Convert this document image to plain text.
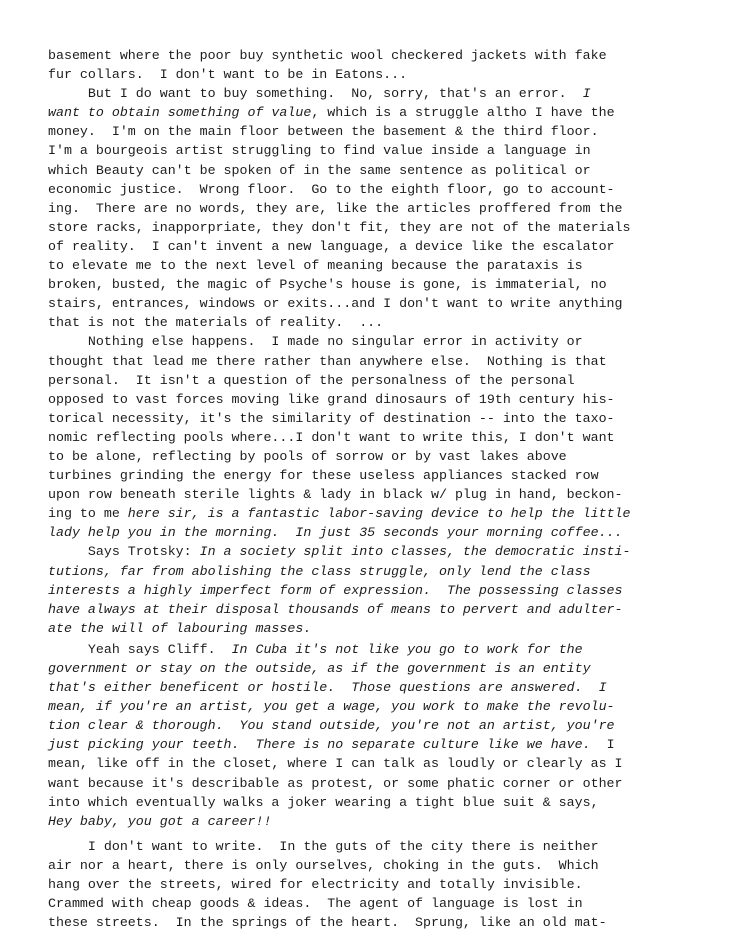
basement where the poor buy synthetic wool checkered jackets with fake
fur collars.  I don't want to be in Eatons...
But I do want to buy something.  No, sorry, that's an error.  I
want to obtain something of value, which is a struggle altho I have the
money.  I'm on the main floor between the basement & the third floor.
I'm a bourgeois artist struggling to find value inside a language in
which Beauty can't be spoken of in the same sentence as political or
economic justice.  Wrong floor.  Go to the eighth floor, go to account-
ing.  There are no words, they are, like the articles proffered from the
store racks, inapporpriate, they don't fit, they are not of the materials
of reality.  I can't invent a new language, a device like the escalator
to elevate me to the next level of meaning because the parataxis is
broken, busted, the magic of Psyche's house is gone, is immaterial, no
stairs, entrances, windows or exits...and I don't want to write anything
that is not the materials of reality.  ...
Nothing else happens.  I made no singular error in activity or
thought that lead me there rather than anywhere else.  Nothing is that
personal.  It isn't a question of the personalness of the personal
opposed to vast forces moving like grand dinosaurs of 19th century his-
torical necessity, it's the similarity of destination -- into the taxo-
nomic reflecting pools where...I don't want to write this, I don't want
to be alone, reflecting by pools of sorrow or by vast lakes above
turbines grinding the energy for these useless appliances stacked row
upon row beneath sterile lights & lady in black w/ plug in hand, beckon-
ing to me here sir, is a fantastic labor-saving device to help the little
lady help you in the morning.  In just 35 seconds your morning coffee...
Says Trotsky: In a society split into classes, the democratic insti-
tutions, far from abolishing the class struggle, only lend the class
interests a highly imperfect form of expression.  The possessing classes
have always at their disposal thousands of means to pervert and adulter-
ate the will of labouring masses.
Yeah says Cliff.  In Cuba it's not like you go to work for the
government or stay on the outside, as if the government is an entity
that's either beneficent or hostile.  Those questions are answered.  I
mean, if you're an artist, you get a wage, you work to make the revolu-
tion clear & thorough.  You stand outside, you're not an artist, you're
just picking your teeth.  There is no separate culture like we have.  I
mean, like off in the closet, where I can talk as loudly or clearly as I
want because it's describable as protest, or some phatic corner or other
into which eventually walks a joker wearing a tight blue suit & says,
Hey baby, you got a career!!
I don't want to write.  In the guts of the city there is neither
air nor a heart, there is only ourselves, choking in the guts.  Which
hang over the streets, wired for electricity and totally invisible.
Crammed with cheap goods & ideas.  The agent of language is lost in
these streets.  In the springs of the heart.  Sprung, like an old mat-
